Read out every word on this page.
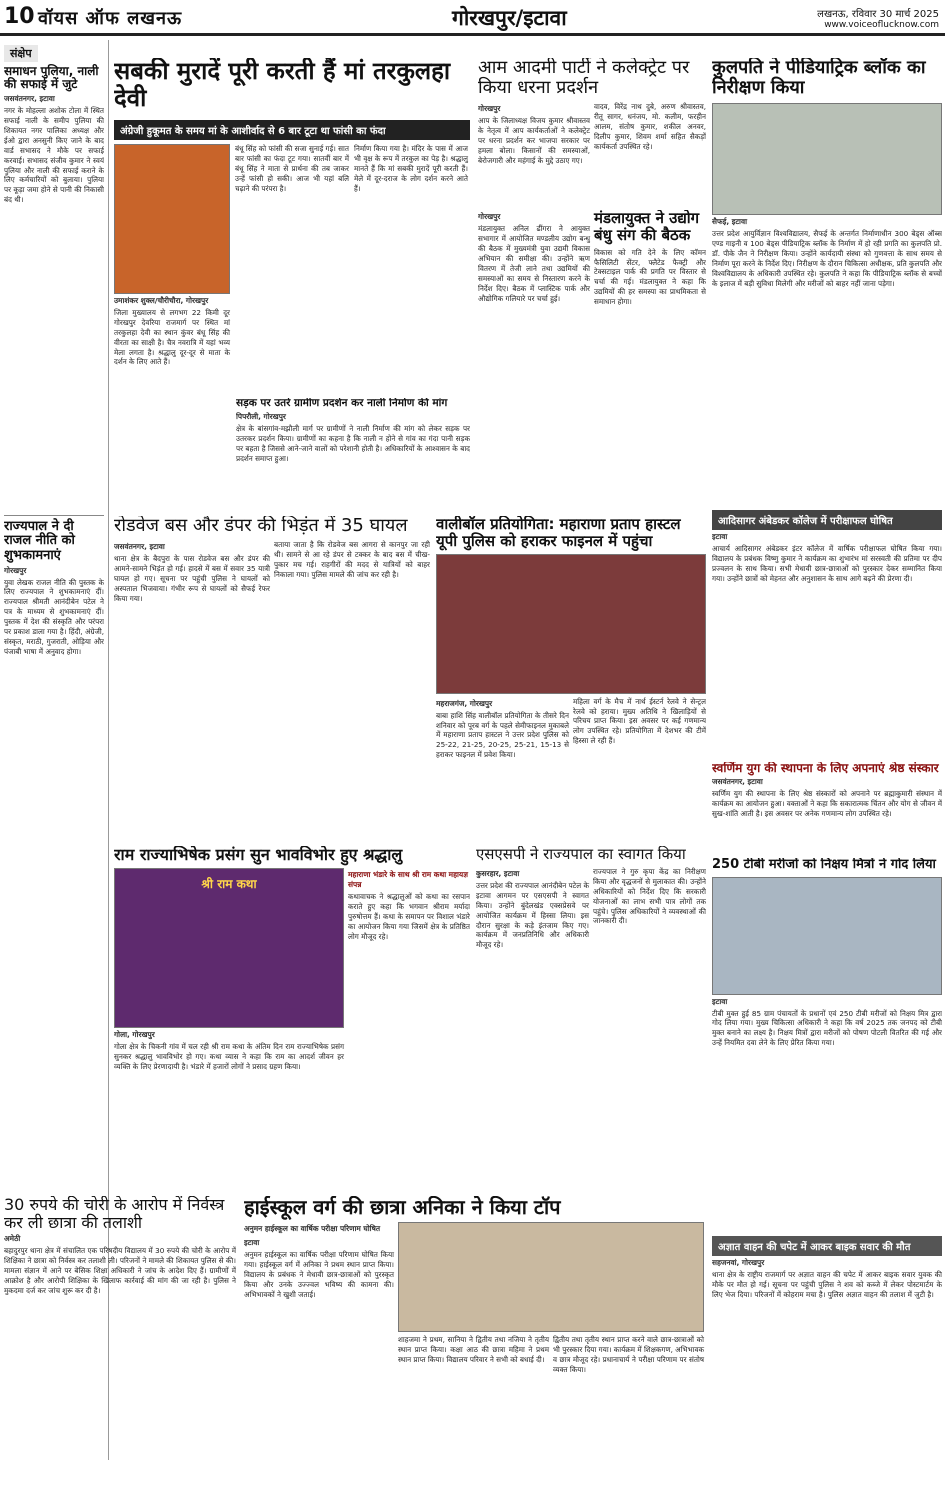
10 वॉयस ऑफ लखनऊ	गोरखपुर/इटावा	लखनऊ, रविवार 30 मार्च 2025
www.voiceoflucknow.com
संक्षेप
समाधन पुलिया, नाली की सफाई में जुटे
जसवंतनगर, इटावा
नगर के मोहल्ला अशोक टोला में स्थित सफाई नाली के समीप पुलिया की शिकायत नगर पालिका अध्यक्ष और ईओ द्वारा अनसुनी किए जाने के बाद वार्ड सभासद ने मौके पर सफाई करवाई। सभासद संजीव कुमार ने स्वयं पुलिया और नाली की सफाई कराने के लिए कर्मचारियों को बुलाया। पुलिया पर कूड़ा जमा होने से पानी की निकासी बंद थी।
राज्यपाल ने दी राजल नीति को शुभकामनाएं
गोरखपुर
युवा लेखक राजल नीति की पुस्तक के लिए राज्यपाल ने शुभकामनाएं दीं। राज्यपाल श्रीमती आनंदीबेन पटेल ने पत्र के माध्यम से शुभकामनाएं दीं। पुस्तक में देश की संस्कृति और परंपरा पर प्रकाश डाला गया है। हिंदी, अंग्रेजी, संस्कृत, मराठी, गुजराती, ओड़िया और पंजाबी भाषा में अनुवाद होगा।
सबकी मुरादें पूरी करती हैं मां तरकुलहा देवी
अंग्रेजी हुकूमत के समय मां के आशीर्वाद से 6 बार टूटा था फांसी का फंदा
उमाशंकर शुक्ल/चौरीचौरा, गोरखपुर
जिला मुख्यालय से लगभग 22 किमी दूर गोरखपुर देवरिया राजमार्ग पर स्थित मां तरकुलहा देवी का स्थान कुंवर बंधू सिंह की वीरता का साक्षी है। चैत्र नवरात्रि में यहां भव्य मेला लगता है। श्रद्धालु दूर-दूर से माता के दर्शन के लिए आते हैं।
बंधू सिंह को फांसी की सजा सुनाई गई। सात बार फांसी का फंदा टूट गया। सातवीं बार में बंधू सिंह ने माता से प्रार्थना की तब जाकर उन्हें फांसी हो सकी। आज भी यहां बलि चढ़ाने की परंपरा है।
निर्माण किया गया है। मंदिर के पास में आज भी वृक्ष के रूप में तरकुल का पेड़ है। श्रद्धालु मानते हैं कि मां सबकी मुरादें पूरी करती हैं। मेले में दूर-दराज के लोग दर्शन करने आते हैं।
सड़क पर उतरे ग्रामीण प्रदर्शन कर नाली निर्माण की मांग
पिपरौली, गोरखपुर
क्षेत्र के बांसगांव-मझौली मार्ग पर ग्रामीणों ने नाली निर्माण की मांग को लेकर सड़क पर उतरकर प्रदर्शन किया। ग्रामीणों का कहना है कि नाली न होने से गांव का गंदा पानी सड़क पर बहता है जिससे आने-जाने वालों को परेशानी होती है। अधिकारियों के आश्वासन के बाद प्रदर्शन समाप्त हुआ।
आम आदमी पार्टी ने कलेक्ट्रेट पर किया धरना प्रदर्शन
गोरखपुर
आप के जिलाध्यक्ष विजय कुमार श्रीवास्तव के नेतृत्व में आप कार्यकर्ताओं ने कलेक्ट्रेट पर धरना प्रदर्शन कर भाजपा सरकार पर हमला बोला। किसानों की समस्याओं, बेरोजगारी और महंगाई के मुद्दे उठाए गए।
वादव, विरेंद्र नाथ दुबे, अरुण श्रीवास्तव, रीतू सागर, धनंजय, मो. कलीम, फरहीन आलम, संतोष कुमार, शकील अनवर, दिलीप कुमार, शिवम शर्मा सहित सैकड़ों कार्यकर्ता उपस्थित रहे।
गोरखपुर
मंडलायुक्त अनिल ढींगरा ने आयुक्त सभागार में आयोजित मण्डलीय उद्योग बन्धु की बैठक में मुख्यमंत्री युवा उद्यमी विकास अभियान की समीक्षा की। उन्होंने ऋण वितरण में तेजी लाने तथा उद्यमियों की समस्याओं का समय से निस्तारण करने के निर्देश दिए। बैठक में प्लास्टिक पार्क और औद्योगिक गलियारे पर चर्चा हुई।
मंडलायुक्त ने उद्योग बंधु संग की बैठक
विकास को गति देने के लिए कॉमन फैसिलिटी सेंटर, फ्लैटेड फैक्ट्री और टेक्सटाइल पार्क की प्रगति पर विस्तार से चर्चा की गई। मंडलायुक्त ने कहा कि उद्यमियों की हर समस्या का प्राथमिकता से समाधान होगा।
कुलपति ने पीडियाट्रिक ब्लॉक का निरीक्षण किया
सैफई, इटावा
उत्तर प्रदेश आयुर्विज्ञान विश्वविद्यालय, सैफई के अन्तर्गत निर्माणाधीन 300 बेड्स ऑब्स एण्ड गाइनी व 100 बेड्स पीडियाट्रिक ब्लॉक के निर्माण में हो रही प्रगति का कुलपति प्रो. डॉ. पीके जैन ने निरीक्षण किया। उन्होंने कार्यदायी संस्था को गुणवत्ता के साथ समय से निर्माण पूरा करने के निर्देश दिए। निरीक्षण के दौरान चिकित्सा अधीक्षक, प्रति कुलपति और विश्वविद्यालय के अधिकारी उपस्थित रहे। कुलपति ने कहा कि पीडियाट्रिक ब्लॉक से बच्चों के इलाज में बड़ी सुविधा मिलेगी और मरीजों को बाहर नहीं जाना पड़ेगा।
आदिसागर अंबेडकर कॉलेज में परीक्षाफल घोषित
इटावा
आचार्य आदिसागर अंबेडकर इंटर कॉलेज में वार्षिक परीक्षाफल घोषित किया गया। विद्यालय के प्रबंधक विष्णु कुमार ने कार्यक्रम का शुभारंभ मां सरस्वती की प्रतिमा पर दीप प्रज्वलन के साथ किया। सभी मेधावी छात्र-छात्राओं को पुरस्कार देकर सम्मानित किया गया। उन्होंने छात्रों को मेहनत और अनुशासन के साथ आगे बढ़ने की प्रेरणा दी।
स्वर्णिम युग की स्थापना के लिए अपनाएं श्रेष्ठ संस्कार
जसवंतनगर, इटावा
स्वर्णिम युग की स्थापना के लिए श्रेष्ठ संस्कारों को अपनाने पर ब्रह्माकुमारी संस्थान में कार्यक्रम का आयोजन हुआ। वक्ताओं ने कहा कि सकारात्मक चिंतन और योग से जीवन में सुख-शांति आती है। इस अवसर पर अनेक गणमान्य लोग उपस्थित रहे।
250 टीबी मरीजों को निक्षय मित्रों ने गोद लिया
इटावा
टीबी मुक्त हुई 85 ग्राम पंचायतों के प्रधानों एवं 250 टीबी मरीजों को निक्षय मित्र द्वारा गोद लिया गया। मुख्य चिकित्सा अधिकारी ने कहा कि वर्ष 2025 तक जनपद को टीबी मुक्त बनाने का लक्ष्य है। निक्षय मित्रों द्वारा मरीजों को पोषण पोटली वितरित की गई और उन्हें नियमित दवा लेने के लिए प्रेरित किया गया।
अज्ञात वाहन की चपेट में आकर बाइक सवार की मौत
सहजनवां, गोरखपुर
थाना क्षेत्र के राष्ट्रीय राजमार्ग पर अज्ञात वाहन की चपेट में आकर बाइक सवार युवक की मौके पर मौत हो गई। सूचना पर पहुंची पुलिस ने शव को कब्जे में लेकर पोस्टमार्टम के लिए भेज दिया। परिजनों में कोहराम मचा है। पुलिस अज्ञात वाहन की तलाश में जुटी है।
रोडवेज बस और डंपर की भिड़ंत में 35 घायल
जसवंतनगर, इटावा
थाना क्षेत्र के बैदपुरा के पास रोडवेज बस और डंपर की आमने-सामने भिड़ंत हो गई। हादसे में बस में सवार 35 यात्री घायल हो गए। सूचना पर पहुंची पुलिस ने घायलों को अस्पताल भिजवाया। गंभीर रूप से घायलों को सैफई रेफर किया गया।
बताया जाता है कि रोडवेज बस आगरा से कानपुर जा रही थी। सामने से आ रहे डंपर से टक्कर के बाद बस में चीख-पुकार मच गई। राहगीरों की मदद से यात्रियों को बाहर निकाला गया। पुलिस मामले की जांच कर रही है।
वालीबॉल प्रतियोगिता: महाराणा प्रताप हास्टल यूपी पुलिस को हराकर फाइनल में पहुंचा
महराजगंज, गोरखपुर
बाबा हाशि सिंह वालीबॉल प्रतियोगिता के तीसरे दिन शनिवार को पूरब वर्ग के पहले सेमीफाइनल मुकाबले में महाराणा प्रताप हास्टल ने उत्तर प्रदेश पुलिस को 25-22, 21-25, 20-25, 25-21, 15-13 से हराकर फाइनल में प्रवेश किया।
महिला वर्ग के मैच में नार्थ ईस्टर्न रेलवे ने सेन्ट्रल रेलवे को हराया। मुख्य अतिथि ने खिलाड़ियों से परिचय प्राप्त किया। इस अवसर पर कई गणमान्य लोग उपस्थित रहे। प्रतियोगिता में देशभर की टीमें हिस्सा ले रही हैं।
राम राज्याभिषेक प्रसंग सुन भावविभोर हुए श्रद्धालु
श्री राम कथा
गोला, गोरखपुर
गोला क्षेत्र के चिकनी गांव में चल रही श्री राम कथा के अंतिम दिन राम राज्याभिषेक प्रसंग सुनकर श्रद्धालु भावविभोर हो गए। कथा व्यास ने कहा कि राम का आदर्श जीवन हर व्यक्ति के लिए प्रेरणादायी है। भंडारे में हजारों लोगों ने प्रसाद ग्रहण किया।
महाराणा भंडारे के साथ श्री राम कथा महायज्ञ संपन्न
कथावाचक ने श्रद्धालुओं को कथा का रसपान कराते हुए कहा कि भगवान श्रीराम मर्यादा पुरुषोत्तम हैं। कथा के समापन पर विशाल भंडारे का आयोजन किया गया जिसमें क्षेत्र के प्रतिष्ठित लोग मौजूद रहे।
एसएसपी ने राज्यपाल का स्वागत किया
कुसरहार, इटावा
उत्तर प्रदेश की राज्यपाल आनंदीबेन पटेल के इटावा आगमन पर एसएसपी ने स्वागत किया। उन्होंने बुंदेलखंड एक्सप्रेसवे पर आयोजित कार्यक्रम में हिस्सा लिया। इस दौरान सुरक्षा के कड़े इंतजाम किए गए। कार्यक्रम में जनप्रतिनिधि और अधिकारी मौजूद रहे।
राज्यपाल ने गुरु कृपा केंद्र का निरीक्षण किया और वृद्धजनों से मुलाकात की। उन्होंने अधिकारियों को निर्देश दिए कि सरकारी योजनाओं का लाभ सभी पात्र लोगों तक पहुंचे। पुलिस अधिकारियों ने व्यवस्थाओं की जानकारी दी।
30 रुपये की चोरी के आरोप में निर्वस्त्र कर ली छात्रा की तलाशी
अमेठी
बहादुरपुर थाना क्षेत्र में संचालित एक परिषदीय विद्यालय में 30 रुपये की चोरी के आरोप में शिक्षिका ने छात्रा को निर्वस्त्र कर तलाशी ली। परिजनों ने मामले की शिकायत पुलिस से की। मामला संज्ञान में आने पर बेसिक शिक्षा अधिकारी ने जांच के आदेश दिए हैं। ग्रामीणों में आक्रोश है और आरोपी शिक्षिका के खिलाफ कार्रवाई की मांग की जा रही है। पुलिस ने मुकदमा दर्ज कर जांच शुरू कर दी है।
हाईस्कूल वर्ग की छात्रा अनिका ने किया टॉप
अनुमन हाईस्कूल का वार्षिक परीक्षा परिणाम घोषित
इटावा
अनुमन हाईस्कूल का वार्षिक परीक्षा परिणाम घोषित किया गया। हाईस्कूल वर्ग में अनिका ने प्रथम स्थान प्राप्त किया। विद्यालय के प्रबंधक ने मेधावी छात्र-छात्राओं को पुरस्कृत किया और उनके उज्ज्वल भविष्य की कामना की। अभिभावकों ने खुशी जताई।
शाहजमा ने प्रथम, सानिया ने द्वितीय तथा नजिया ने तृतीय स्थान प्राप्त किया। कक्षा आठ की छात्रा महिमा ने प्रथम स्थान प्राप्त किया। विद्यालय परिवार ने सभी को बधाई दी।
द्वितीय तथा तृतीय स्थान प्राप्त करने वाले छात्र-छात्राओं को भी पुरस्कार दिया गया। कार्यक्रम में शिक्षकगण, अभिभावक व छात्र मौजूद रहे। प्रधानाचार्य ने परीक्षा परिणाम पर संतोष व्यक्त किया।
